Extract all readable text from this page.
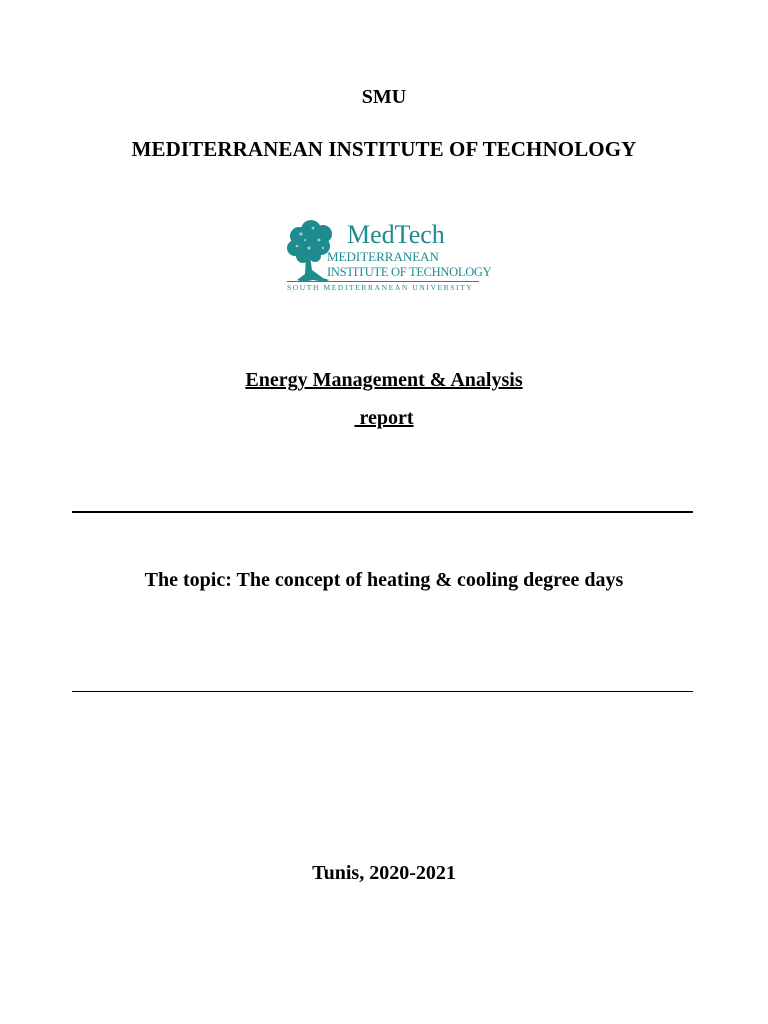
SMU
MEDITERRANEAN INSTITUTE OF TECHNOLOGY
MedTech
MEDITERRANEAN
INSTITUTE OF TECHNOLOGY
SOUTH MEDITERRANEAN UNIVERSITY
Energy Management & Analysis
report
The topic: The concept of heating & cooling degree days
Tunis, 2020-2021
